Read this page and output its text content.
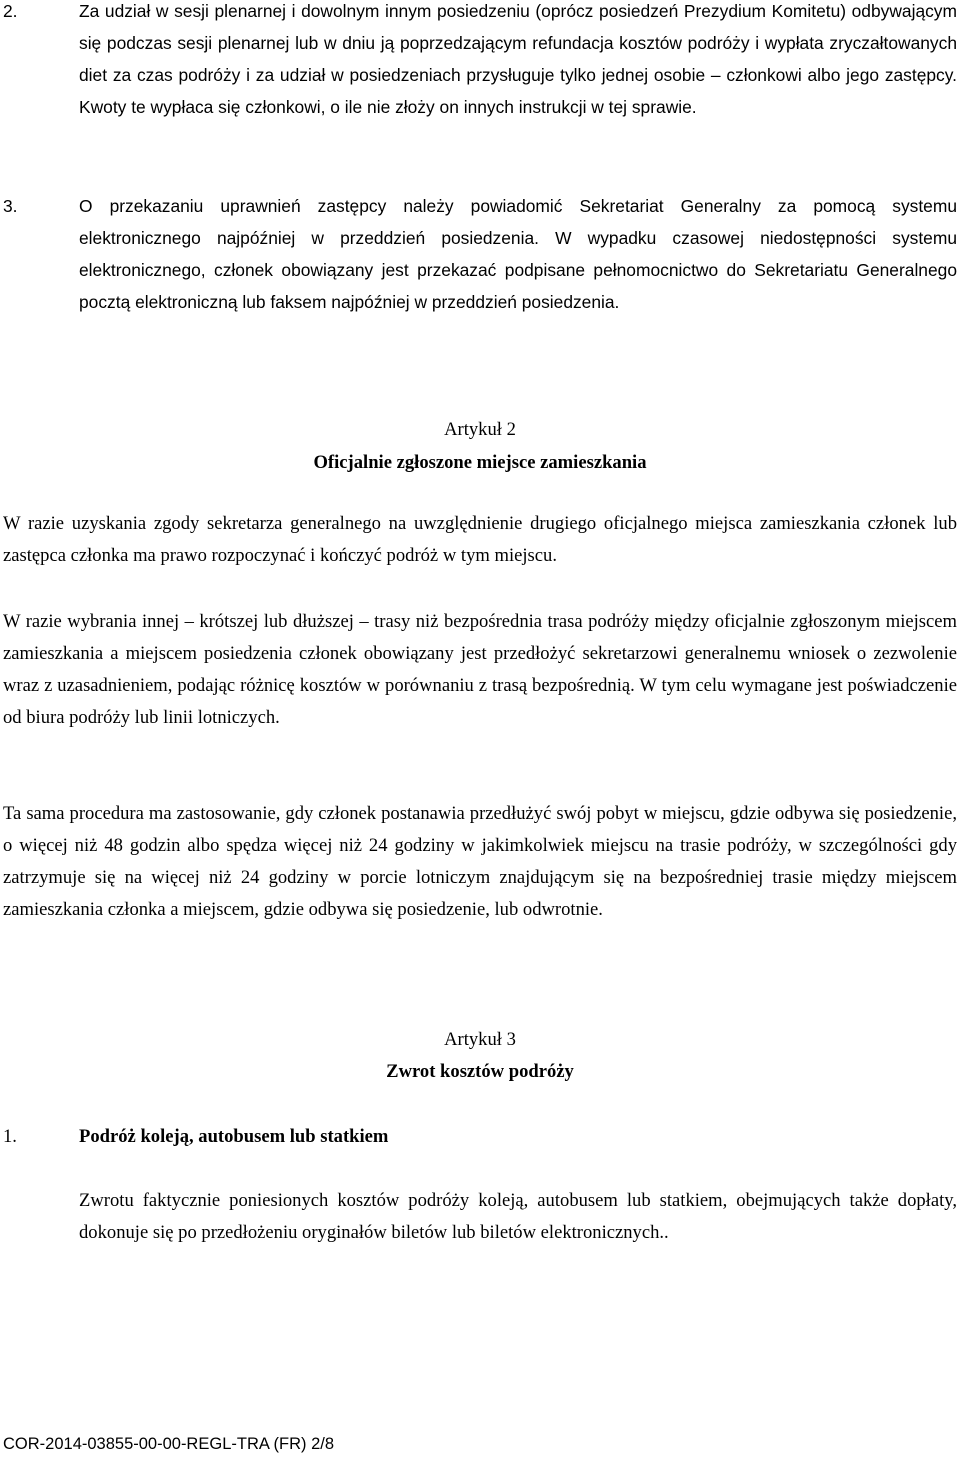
2.	Za udział w sesji plenarnej i dowolnym innym posiedzeniu (oprócz posiedzeń Prezydium Komitetu) odbywającym się podczas sesji plenarnej lub w dniu ją poprzedzającym refundacja kosztów podróży i wypłata zryczałtowanych diet za czas podróży i za udział w posiedzeniach przysługuje tylko jednej osobie – członkowi albo jego zastępcy. Kwoty te wypłaca się członkowi, o ile nie złoży on innych instrukcji w tej sprawie.
3.	O przekazaniu uprawnień zastępcy należy powiadomić Sekretariat Generalny za pomocą systemu elektronicznego najpóźniej w przeddzień posiedzenia. W wypadku czasowej niedostępności systemu elektronicznego, członek obowiązany jest przekazać podpisane pełnomocnictwo do Sekretariatu Generalnego pocztą elektroniczną lub faksem najpóźniej w przeddzień posiedzenia.
Artykuł 2
Oficjalnie zgłoszone miejsce zamieszkania
W razie uzyskania zgody sekretarza generalnego na uwzględnienie drugiego oficjalnego miejsca zamieszkania członek lub zastępca członka ma prawo rozpoczynać i kończyć podróż w tym miejscu.
W razie wybrania innej – krótszej lub dłuższej – trasy niż bezpośrednia trasa podróży między oficjalnie zgłoszonym miejscem zamieszkania a miejscem posiedzenia członek obowiązany jest przedłożyć sekretarzowi generalnemu wniosek o zezwolenie wraz z uzasadnieniem, podając różnicę kosztów w porównaniu z trasą bezpośrednią. W tym celu wymagane jest poświadczenie od biura podróży lub linii lotniczych.
Ta sama procedura ma zastosowanie, gdy członek postanawia przedłużyć swój pobyt w miejscu, gdzie odbywa się posiedzenie, o więcej niż 48 godzin albo spędza więcej niż 24 godziny w jakimkolwiek miejscu na trasie podróży, w szczególności gdy zatrzymuje się na więcej niż 24 godziny w porcie lotniczym znajdującym się na bezpośredniej trasie między miejscem zamieszkania członka a miejscem, gdzie odbywa się posiedzenie, lub odwrotnie.
Artykuł 3
Zwrot kosztów podróży
1.	Podróż koleją, autobusem lub statkiem
Zwrotu faktycznie poniesionych kosztów podróży koleją, autobusem lub statkiem, obejmujących także dopłaty, dokonuje się po przedłożeniu oryginałów biletów lub biletów elektronicznych..
COR-2014-03855-00-00-REGL-TRA (FR) 2/8
